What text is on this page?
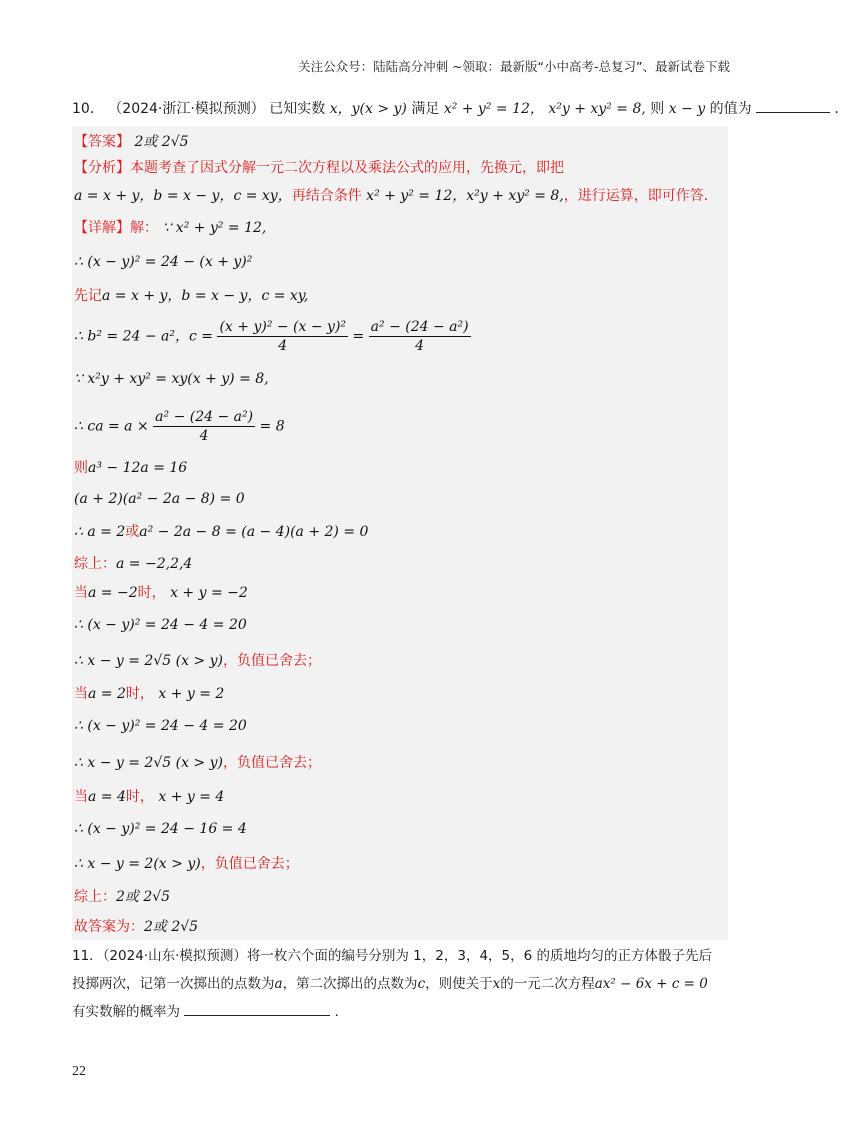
关注公众号：陆陆高分冲刺 ~领取：最新版“小中高考-总复习”、最新试卷下载
10． （2024·浙江·模拟预测） 已知实数 x，y(x > y) 满足 x² + y² = 12， x²y + xy² = 8, 则 x − y 的值为	．
【答案】 2或 2√5
【分析】本题考查了因式分解一元二次方程以及乘法公式的应用，先换元，即把
a = x + y，b = x − y，c = xy，再结合条件 x² + y² = 12，x²y + xy² = 8,，进行运算，即可作答．
【详解】解： ∵ x² + y² = 12,
∴ (x − y)² = 24 − (x + y)²
先记a = x + y，b = x − y，c = xy,
∴ b² = 24 − a²，$c = \frac{\text{(x + y)² − (x − y)²}}{4} = \frac{\text{a² − (24 − a²)}}{4}$
∵ x²y + xy² = xy(x + y) = 8,
∴ ca = $a \times \frac{\text{a² − (24 − a²)}}{4} = 8$
则a³ − 12a = 16
(a + 2)(a² − 2a − 8) = 0
∴ a = 2或a² − 2a − 8 = (a − 4)(a + 2) = 0
综上：a = −2,2,4
当a = −2时， x + y = −2
∴ (x − y)² = 24 − 4 = 20
∴ x − y = 2√5 (x > y)，负值已舍去；
当a = 2时， x + y = 2
∴ (x − y)² = 24 − 4 = 20
∴ x − y = 2√5 (x > y)，负值已舍去；
当a = 4时， x + y = 4
∴ (x − y)² = 24 − 16 = 4
∴ x − y = 2(x > y)，负值已舍去；
综上：2或 2√5
故答案为：2或 2√5
11．（2024·山东·模拟预测）将一枚六个面的编号分别为 1，2，3，4，5，6 的质地均匀的正方体骰子先后
投掷两次，记第一次掷出的点数为a，第二次掷出的点数为c，则使关于x的一元二次方程ax² − 6x + c = 0
有实数解的概率为	．
22
